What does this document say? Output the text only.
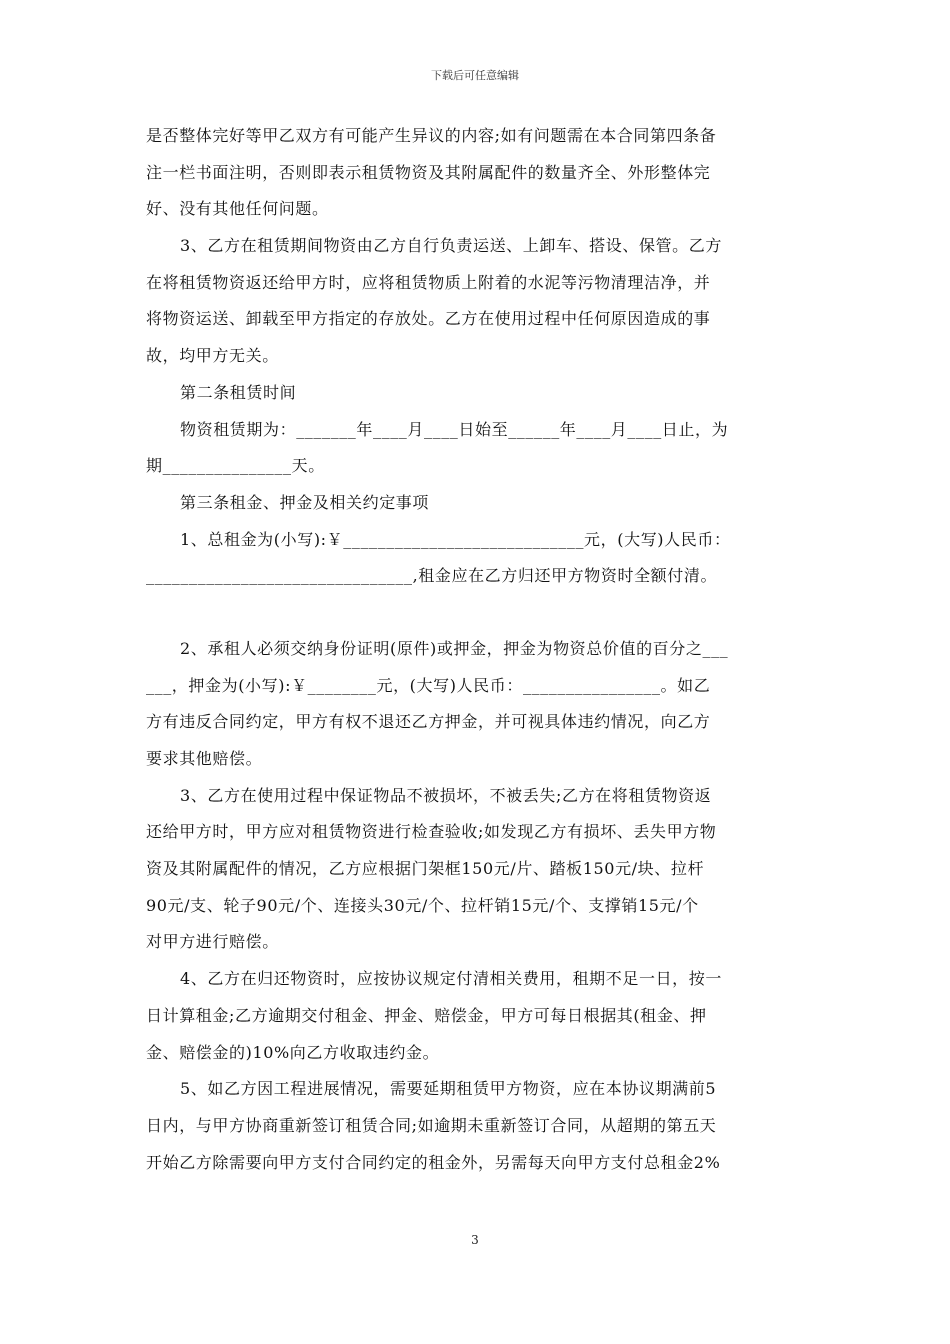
下载后可任意编辑
是否整体完好等甲乙双方有可能产生异议的内容;如有问题需在本合同第四条备
注一栏书面注明，否则即表示租赁物资及其附属配件的数量齐全、外形整体完
好、没有其他任何问题。
3、乙方在租赁期间物资由乙方自行负责运送、上卸车、搭设、保管。乙方
在将租赁物资返还给甲方时，应将租赁物质上附着的水泥等污物清理洁净，并
将物资运送、卸载至甲方指定的存放处。乙方在使用过程中任何原因造成的事
故，均甲方无关。
第二条租赁时间
物资租赁期为：_______年____月____日始至______年____月____日止，为
期_______________天。
第三条租金、押金及相关约定事项
1、总租金为(小写):￥____________________________元，(大写)人民币：
_______________________________,租金应在乙方归还甲方物资时全额付清。
2、承租人必须交纳身份证明(原件)或押金，押金为物资总价值的百分之___
___，押金为(小写):￥________元，(大写)人民币：________________。如乙
方有违反合同约定，甲方有权不退还乙方押金，并可视具体违约情况，向乙方
要求其他赔偿。
3、乙方在使用过程中保证物品不被损坏，不被丢失;乙方在将租赁物资返
还给甲方时，甲方应对租赁物资进行检查验收;如发现乙方有损坏、丢失甲方物
资及其附属配件的情况，乙方应根据门架框150元/片、踏板150元/块、拉杆
90元/支、轮子90元/个、连接头30元/个、拉杆销15元/个、支撑销15元/个
对甲方进行赔偿。
4、乙方在归还物资时，应按协议规定付清相关费用，租期不足一日，按一
日计算租金;乙方逾期交付租金、押金、赔偿金，甲方可每日根据其(租金、押
金、赔偿金的)10%向乙方收取违约金。
5、如乙方因工程进展情况，需要延期租赁甲方物资，应在本协议期满前5
日内，与甲方协商重新签订租赁合同;如逾期未重新签订合同，从超期的第五天
开始乙方除需要向甲方支付合同约定的租金外，另需每天向甲方支付总租金2%
3
